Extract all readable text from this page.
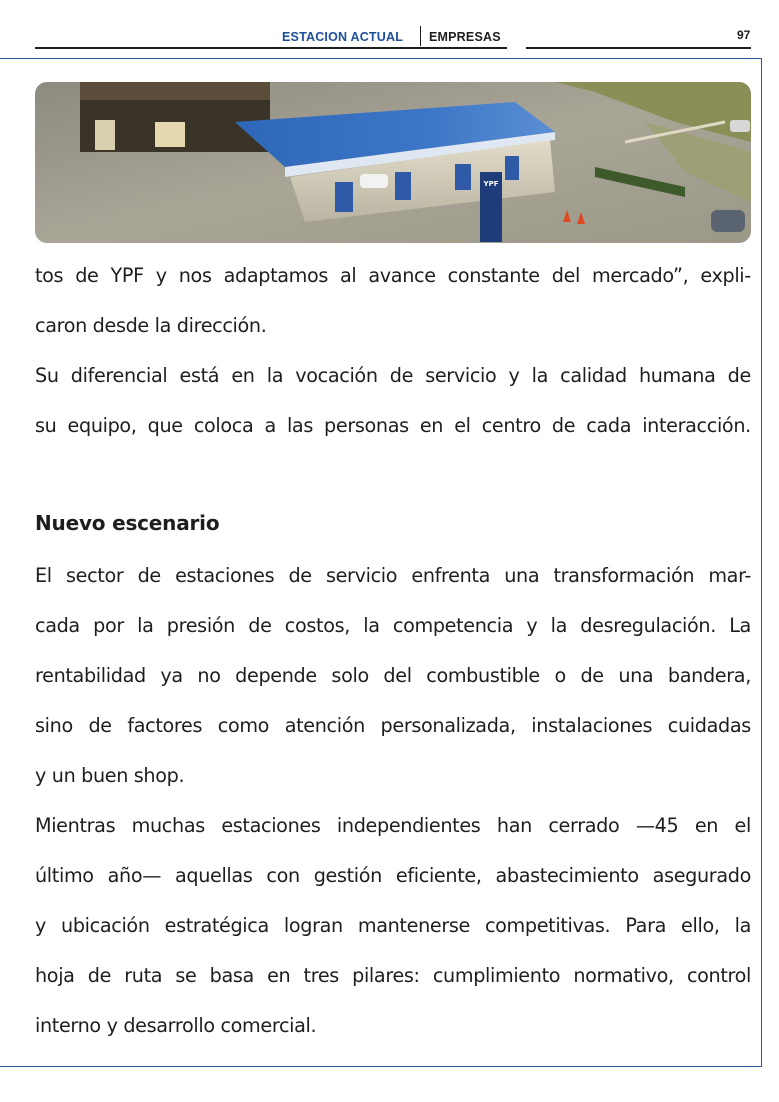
ESTACION ACTUAL EMPRESAS	97
YPF
tos de YPF y nos adaptamos al avance constante del mercado”, expli-
caron desde la dirección.
Su diferencial está en la vocación de servicio y la calidad humana de
su equipo, que coloca a las personas en el centro de cada interacción.
Nuevo escenario
El sector de estaciones de servicio enfrenta una transformación mar-
cada por la presión de costos, la competencia y la desregulación. La
rentabilidad ya no depende solo del combustible o de una bandera,
sino de factores como atención personalizada, instalaciones cuidadas
y un buen shop.
Mientras muchas estaciones independientes han cerrado —45 en el
último año— aquellas con gestión eficiente, abastecimiento asegurado
y ubicación estratégica logran mantenerse competitivas. Para ello, la
hoja de ruta se basa en tres pilares: cumplimiento normativo, control
interno y desarrollo comercial.
